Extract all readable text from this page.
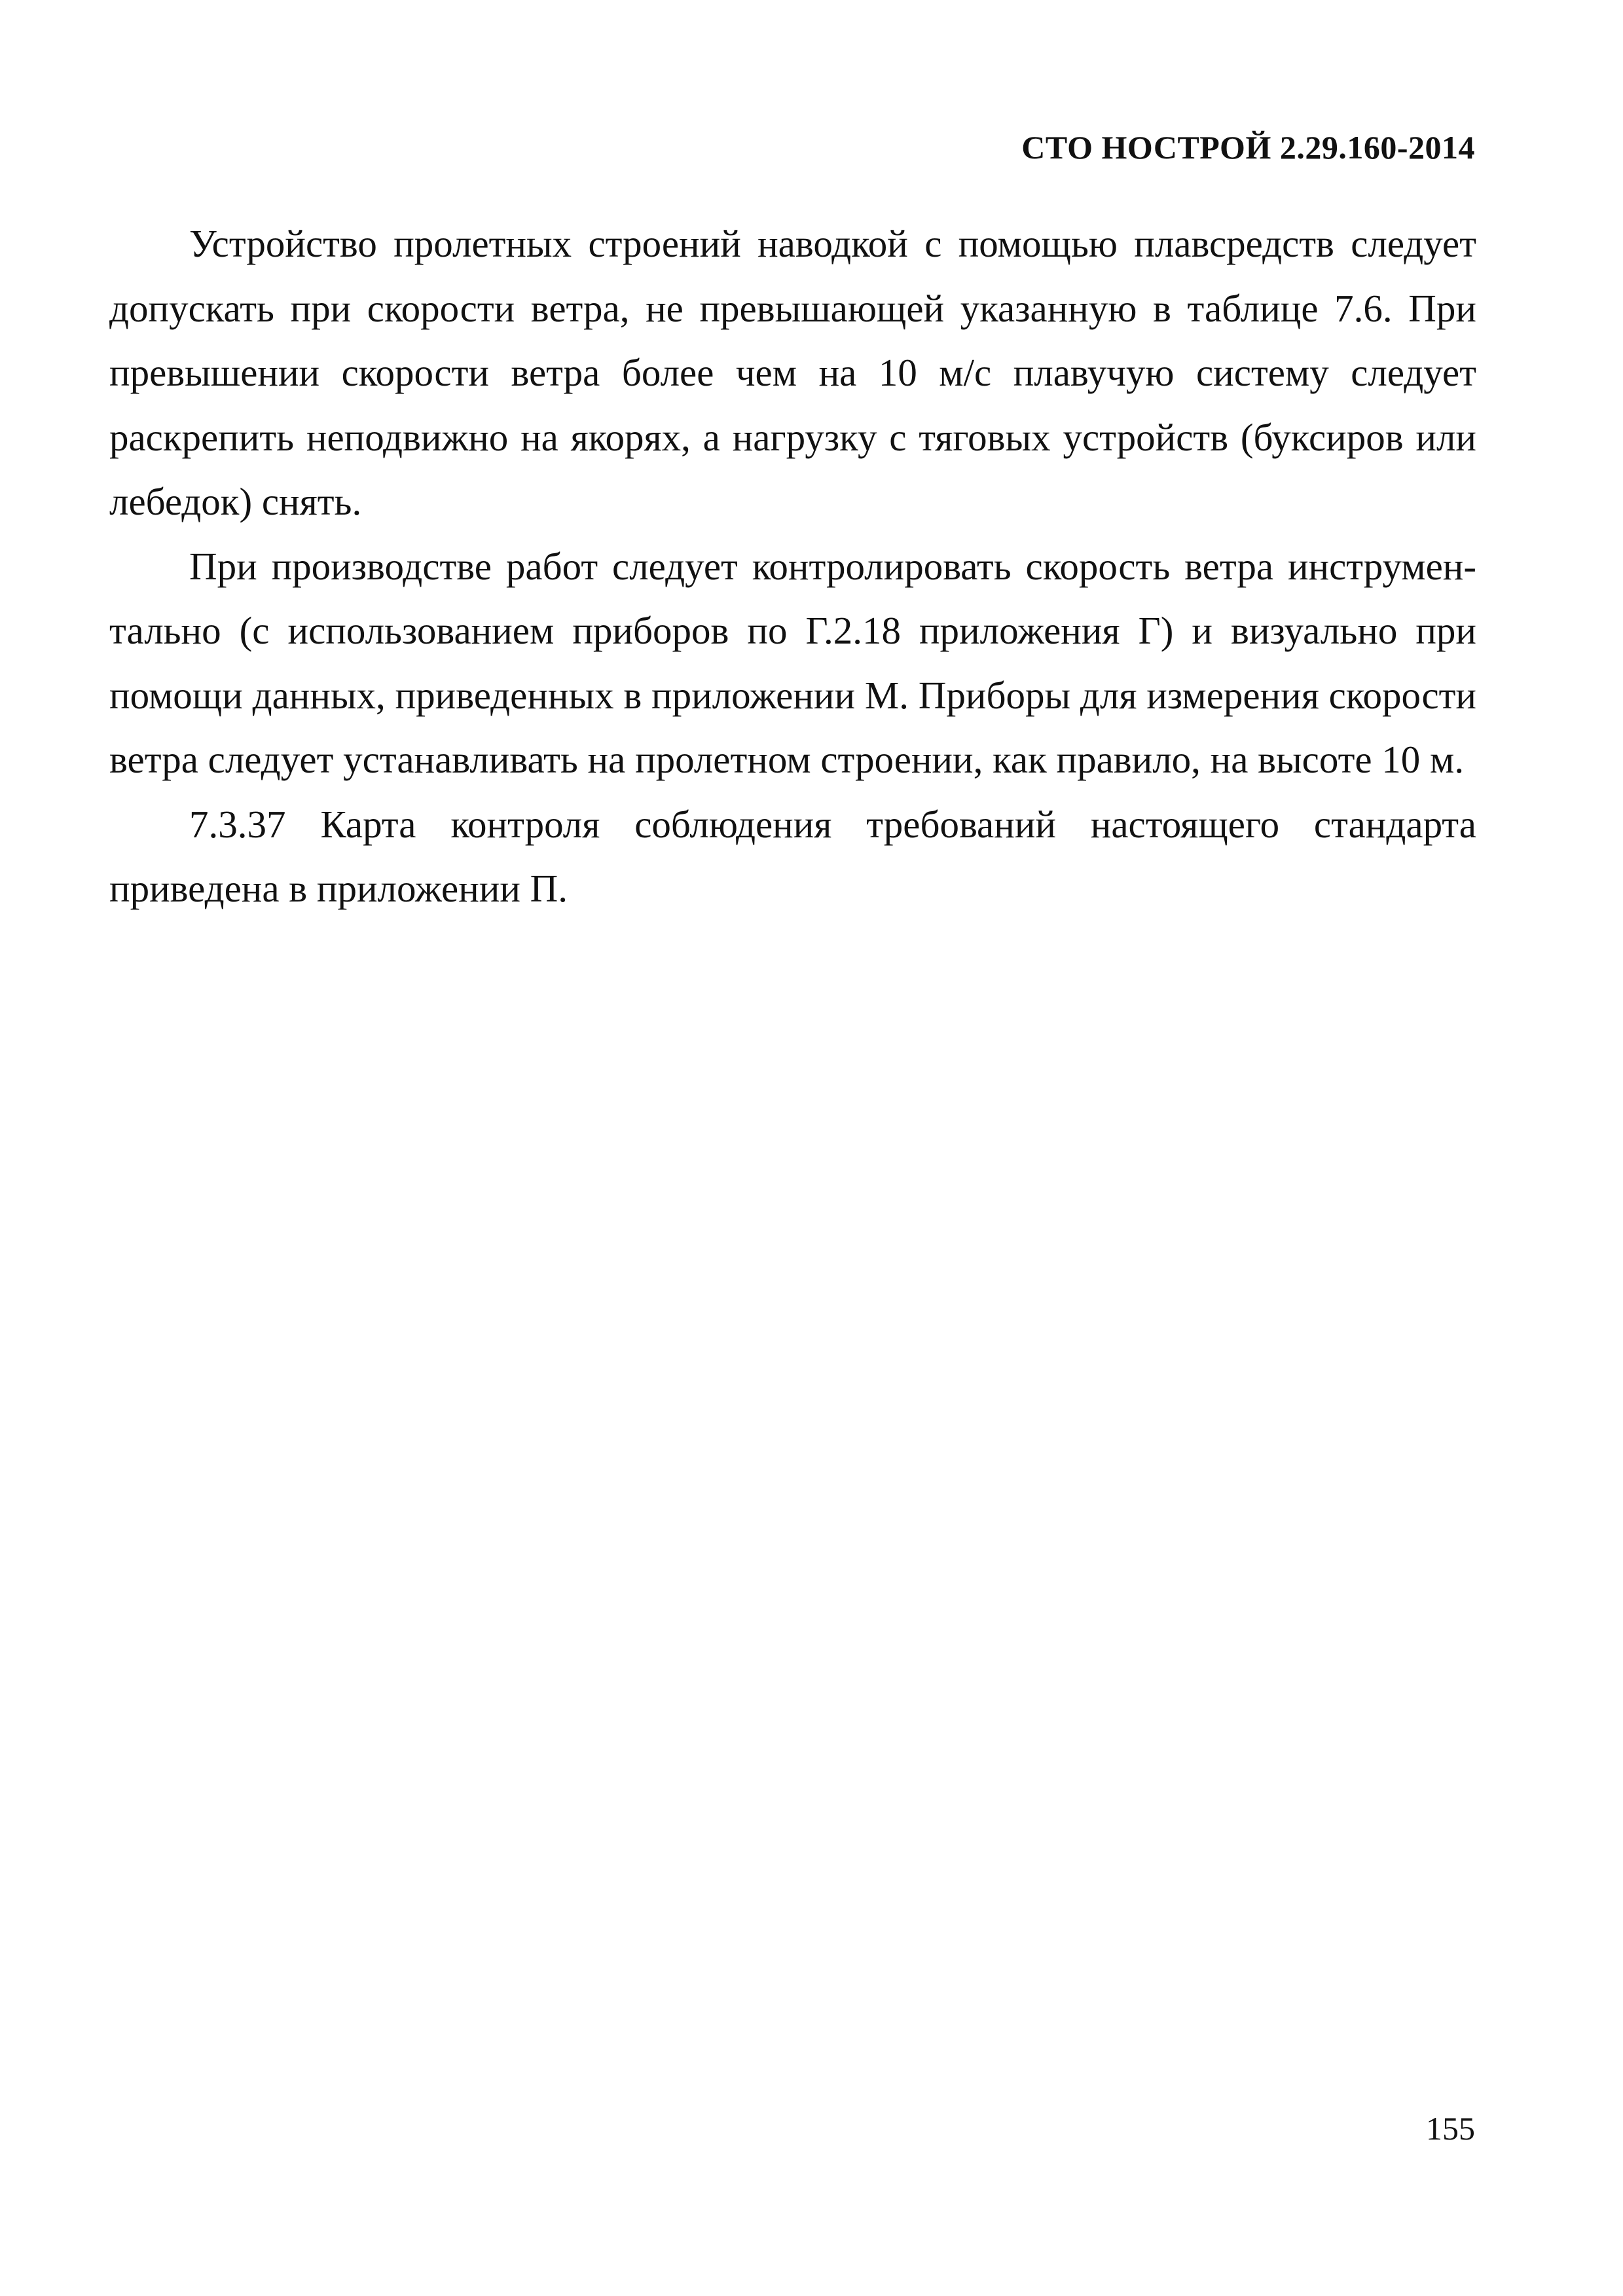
СТО НОСТРОЙ 2.29.160-2014

Устройство пролетных строений наводкой с помощью плавсредств следует допускать при скорости ветра, не превышающей указанную в таблице 7.6. При превышении скорости ветра более чем на 10 м/с плавучую систему следует раскрепить неподвижно на якорях, а нагрузку с тяговых устройств (буксиров или лебедок) снять.

При производстве работ следует контролировать скорость ветра инструментально (с использованием приборов по Г.2.18 приложения Г) и визуально при помощи данных, приведенных в приложении М. Приборы для измерения скорости ветра следует устанавливать на пролетном строении, как правило, на высоте 10 м.

7.3.37 Карта контроля соблюдения требований настоящего стандарта приведена в приложении П.

155
